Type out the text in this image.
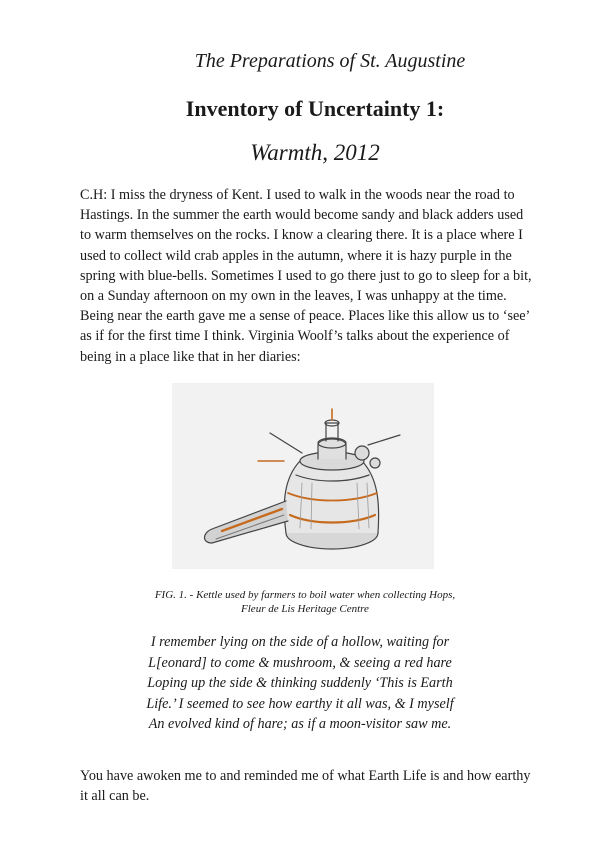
The Preparations of St. Augustine
Inventory of Uncertainty 1:
Warmth, 2012

C.H: I miss the dryness of Kent. I used to walk in the woods near the road to Hastings. In the summer the earth would become sandy and black adders used to warm themselves on the rocks. I know a clearing there. It is a place where I used to collect wild crab apples in the autumn, where it is hazy purple in the spring with blue-bells. Sometimes I used to go there just to go to sleep for a bit, on a Sunday afternoon on my own in the leaves, I was unhappy at the time. Being near the earth gave me a sense of peace. Places like this allow us to ‘see’ as if for the first time I think. Virginia Woolf’s talks about the experience of being in a place like that in her diaries:

FIG. 1. - Kettle used by farmers to boil water when collecting Hops,
Fleur de Lis Heritage Centre
I remember lying on the side of a hollow, waiting for
L[eonard] to come & mushroom, & seeing a red hare
Loping up the side & thinking suddenly ‘This is Earth
Life.’ I seemed to see how earthy it all was, & I myself
An evolved kind of hare; as if a moon-visitor saw me.

You have awoken me to and reminded me of what Earth Life is and how earthy it all can be.
